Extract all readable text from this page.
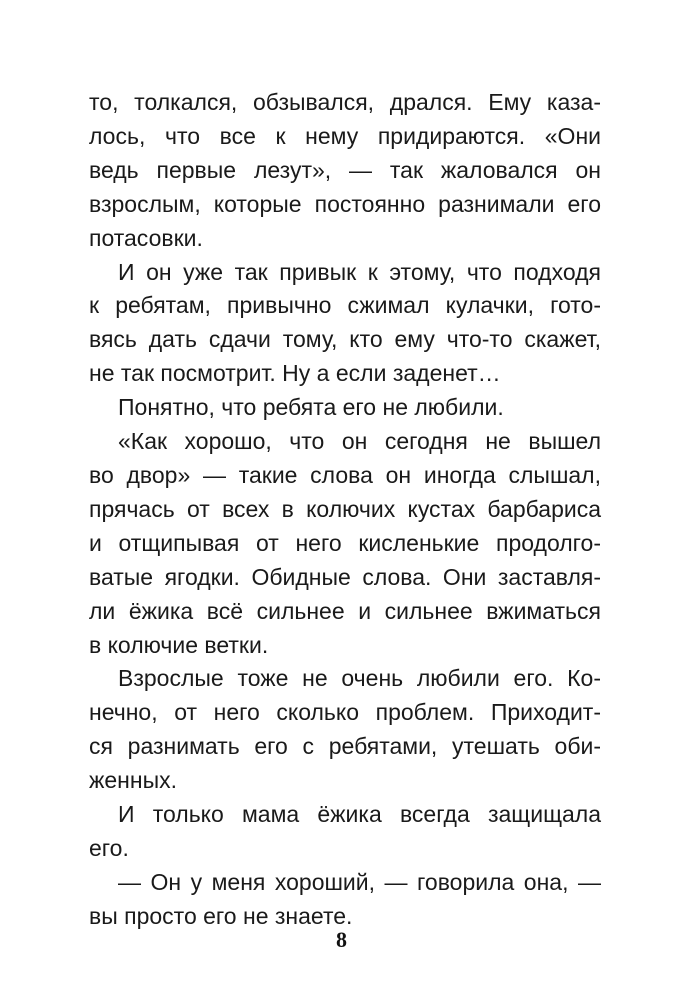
то, толкался, обзывался, дрался. Ему каза-
лось, что все к нему придираются. «Они
ведь первые лезут», — так жаловался он
взрослым, которые постоянно разнимали его
потасовки.

И он уже так привык к этому, что подходя
к ребятам, привычно сжимал кулачки, гото-
вясь дать сдачи тому, кто ему что-то скажет,
не так посмотрит. Ну а если заденет…

Понятно, что ребята его не любили.

«Как хорошо, что он сегодня не вышел
во двор» — такие слова он иногда слышал,
прячась от всех в колючих кустах барбариса
и отщипывая от него кисленькие продолго-
ватые ягодки. Обидные слова. Они заставля-
ли ёжика всё сильнее и сильнее вжиматься
в колючие ветки.

Взрослые тоже не очень любили его. Ко-
нечно, от него сколько проблем. Приходит-
ся разнимать его с ребятами, утешать оби-
женных.

И только мама ёжика всегда защищала
его.

— Он у меня хороший, — говорила она, —
вы просто его не знаете.

8
